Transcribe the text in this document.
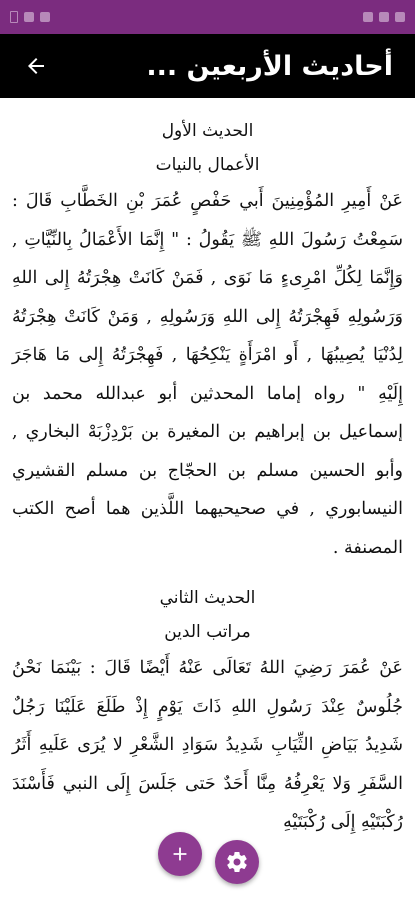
أحاديث الأربعين ...

الحديث الأول

الأعمال بالنيات

عَنْ أَمِيرِ المُؤْمِنِينَ أَبي حَفْصٍ عُمَرَ بْنِ الخَطَّابِ قَالَ : سَمِعْتُ رَسُولَ اللهِ ﷺ يَقُولُ : " إِنَّمَا الأَعْمَالُ بِالنِّيَّاتِ , وَإِنَّمَا لِكُلِّ امْرِىءٍ مَا نَوَى , فَمَنْ كَانَتْ هِجْرَتُهُ إِلى اللهِ وَرَسُولِهِ فَهِجْرَتُهُ إِلى اللهِ وَرَسُولِهِ , وَمَنْ كَانَتْ هِجْرَتُهُ لِدُنْيَا يُصِيبُهَا , أَو امْرَأَةٍ يَنْكِحُهَا , فَهِجْرَتُهُ إِلى مَا هَاجَرَ إِلَيْهِ " رواه إماما المحدثين أبو عبدالله محمد بن إسماعيل بن إبراهيم بن المغيرة بن بَرْدِزْبَهْ البخاري , وأبو الحسين مسلم بن الحجّاج بن مسلم القشيري النيسابوري , في صحيحيهما اللَّذين هما أصح الكتب المصنفة .

الحديث الثاني

مراتب الدين

عَنْ عُمَرَ رَضِيَ اللهُ تَعَالَى عَنْهُ أَيْضًا قَالَ : بَيْنَمَا نَحْنُ جُلُوسٌ عِنْدَ رَسُولِ اللهِ ذَاتَ يَوْمٍ إِذْ طَلَعَ عَلَيْنَا رَجُلٌ شَدِيدُ بَيَاضِ الثِّيَابِ شَدِيدُ سَوَادِ الشَّعْرِ لا يُرَى عَلَيهِ أَثَرُ السَّفَرِ وَلا يَعْرِفُهُ مِنَّا أَحَدٌ حَتى جَلَسَ إِلَى النبي فَأَسْنَدَ رُكْبَتَيْهِ إِلَى رُكْبَتَيْهِ
